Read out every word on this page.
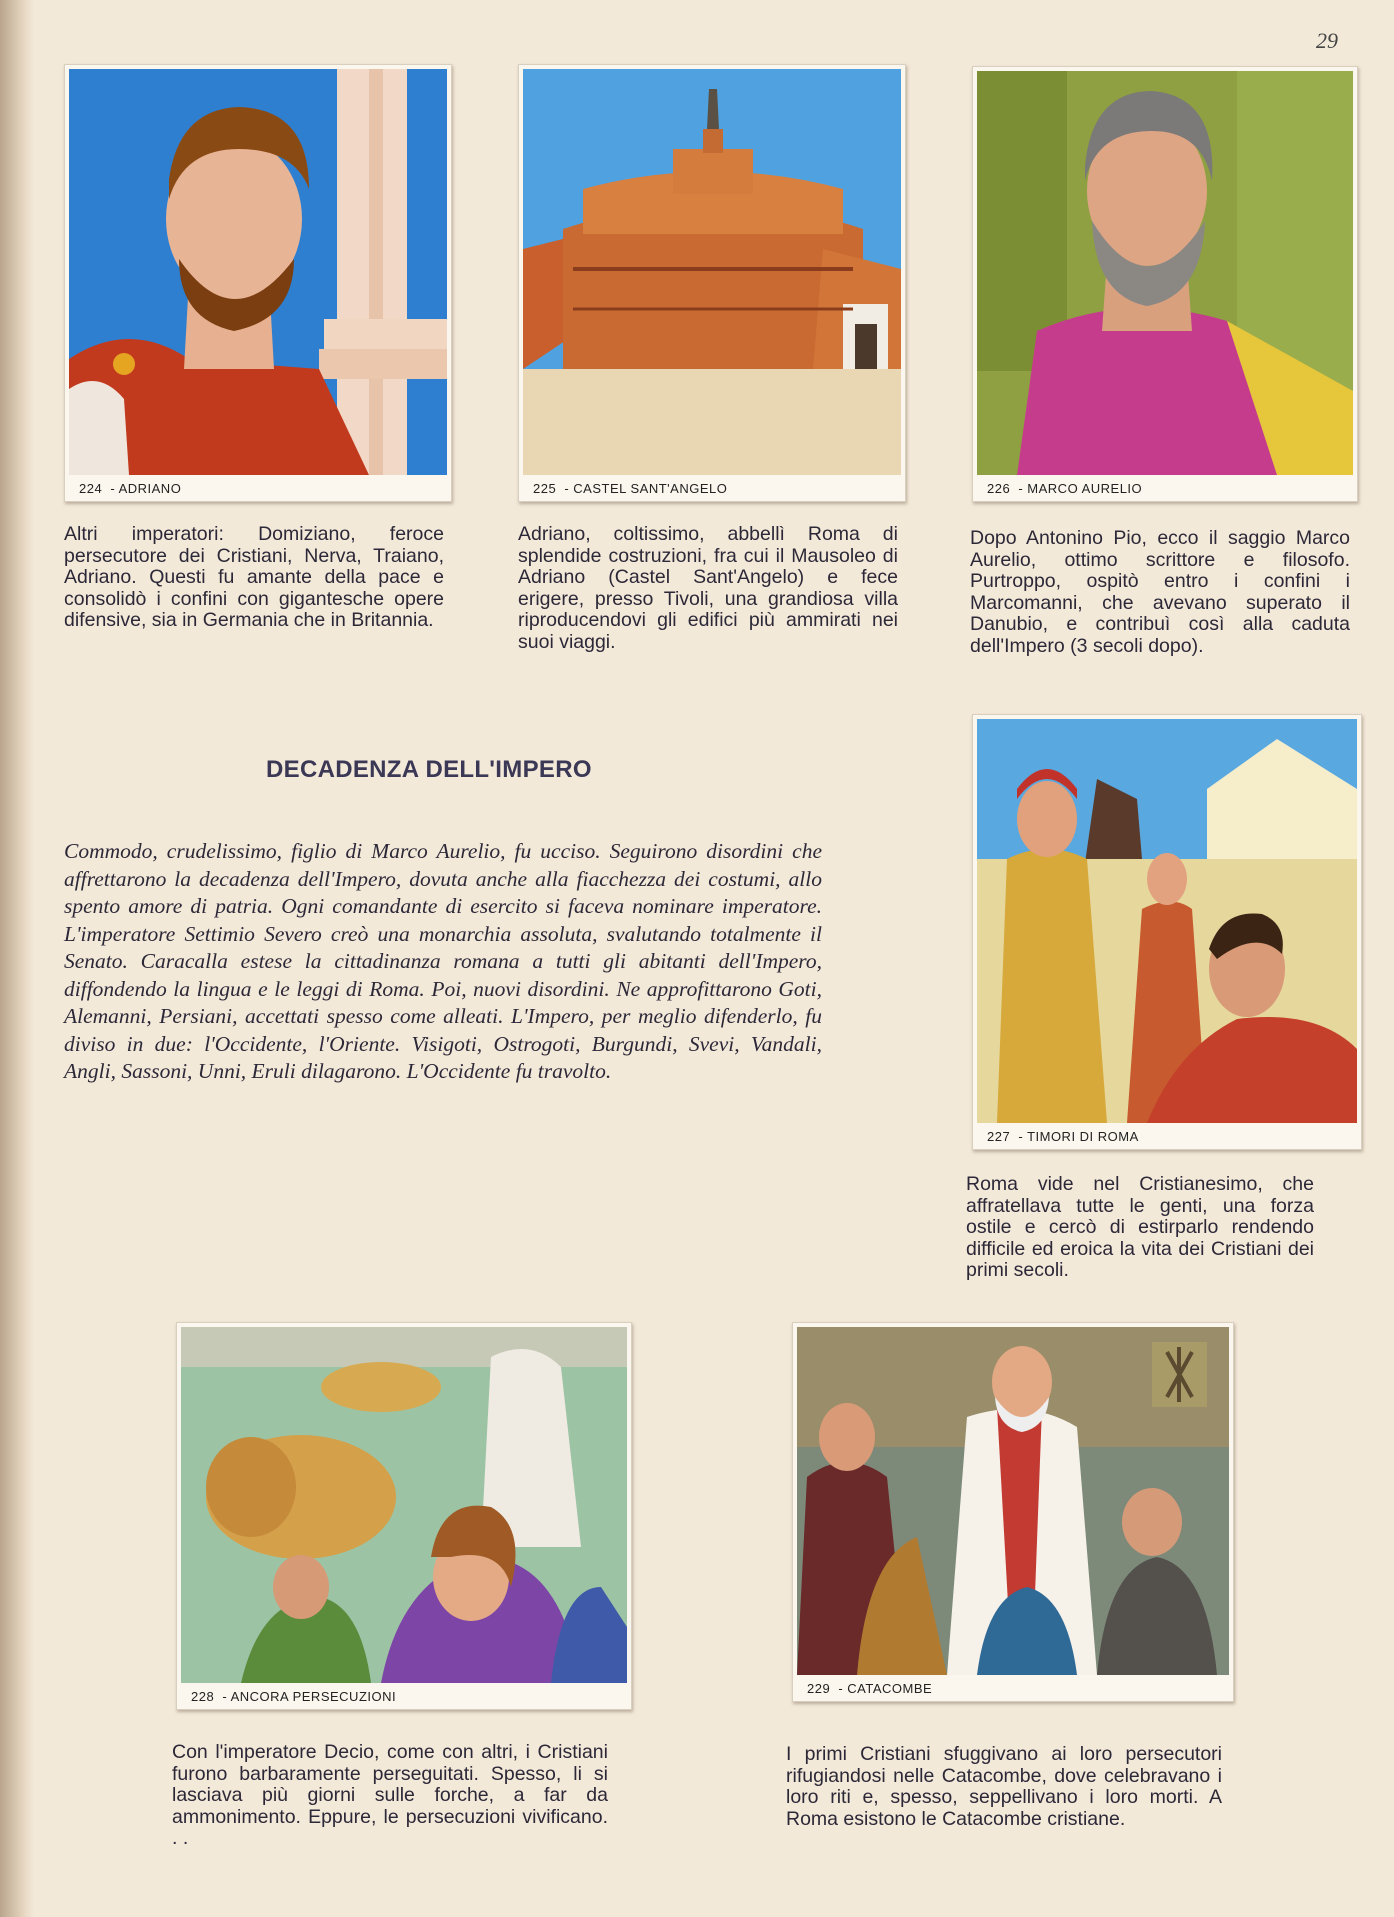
29
224 - ADRIANO
Altri imperatori: Domiziano, feroce persecutore dei Cristiani, Nerva, Traiano, Adriano. Questi fu amante della pace e consolidò i confini con gigantesche opere difensive, sia in Germania che in Britannia.
225 - CASTEL SANT'ANGELO
Adriano, coltissimo, abbellì Roma di splendide costruzioni, fra cui il Mausoleo di Adriano (Castel Sant'Angelo) e fece erigere, presso Tivoli, una grandiosa villa riproducendovi gli edifici più ammirati nei suoi viaggi.
226 - MARCO AURELIO
Dopo Antonino Pio, ecco il saggio Marco Aurelio, ottimo scrittore e filosofo. Purtroppo, ospitò entro i confini i Marcomanni, che avevano superato il Danubio, e contribuì così alla caduta dell'Impero (3 secoli dopo).
DECADENZA DELL'IMPERO
Commodo, crudelissimo, figlio di Marco Aurelio, fu ucciso. Seguirono disordini che affrettarono la decadenza dell'Impero, dovuta anche alla fiacchezza dei costumi, allo spento amore di patria. Ogni comandante di esercito si faceva nominare imperatore. L'imperatore Settimio Severo creò una monarchia assoluta, svalutando totalmente il Senato. Caracalla estese la cittadinanza romana a tutti gli abitanti dell'Impero, diffondendo la lingua e le leggi di Roma. Poi, nuovi disordini. Ne approfittarono Goti, Alemanni, Persiani, accettati spesso come alleati. L'Impero, per meglio difenderlo, fu diviso in due: l'Occidente, l'Oriente. Visigoti, Ostrogoti, Burgundi, Svevi, Vandali, Angli, Sassoni, Unni, Eruli dilagarono. L'Occidente fu travolto.
227 - TIMORI DI ROMA
Roma vide nel Cristianesimo, che affratellava tutte le genti, una forza ostile e cercò di estirparlo rendendo difficile ed eroica la vita dei Cristiani dei primi secoli.
228 - ANCORA PERSECUZIONI
Con l'imperatore Decio, come con altri, i Cristiani furono barbaramente perseguitati. Spesso, li si lasciava più giorni sulle forche, a far da ammonimento. Eppure, le persecuzioni vivificano. . .
229 - CATACOMBE
I primi Cristiani sfuggivano ai loro persecutori rifugiandosi nelle Catacombe, dove celebravano i loro riti e, spesso, seppellivano i loro morti. A Roma esistono le Catacombe cristiane.
